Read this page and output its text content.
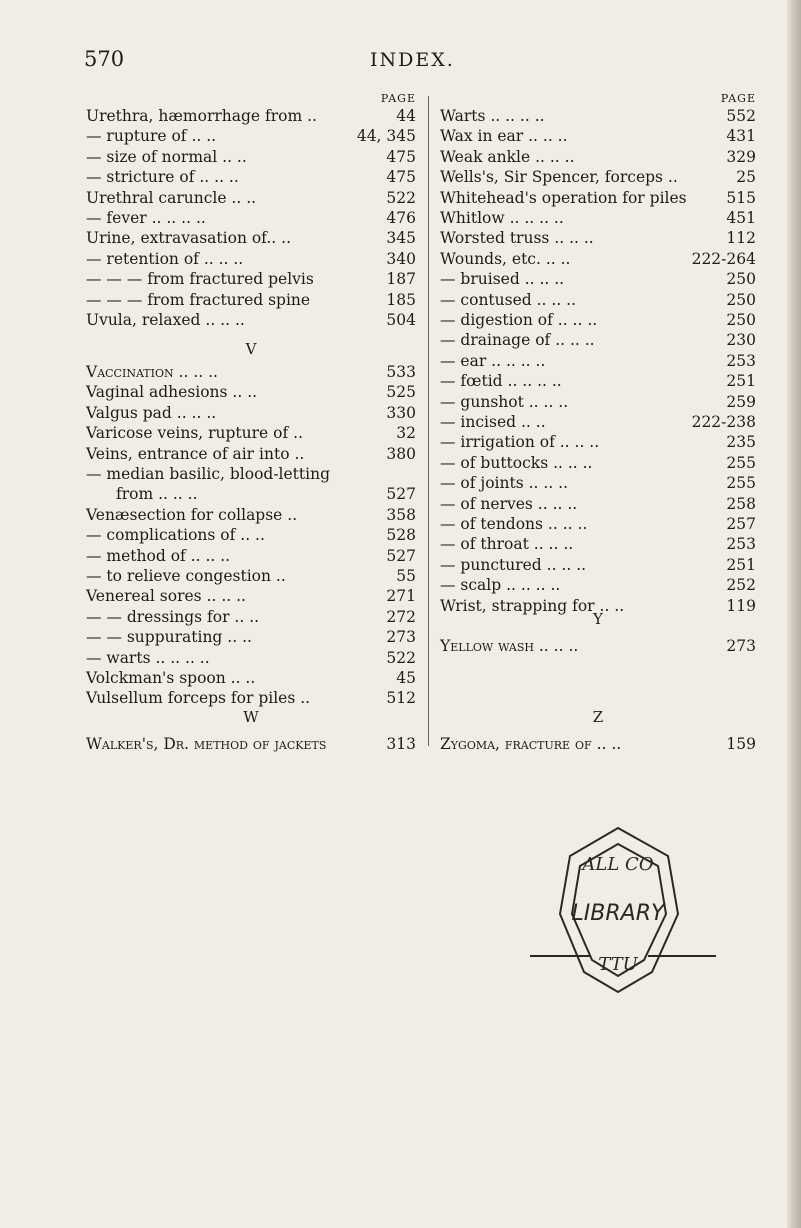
570	INDEX.
PAGE
Urethra, hæmorrhage from ..	44
— rupture of .. ..	44, 345
— size of normal .. ..	475
— stricture of .. .. ..	475
Urethral caruncle .. ..	522
— fever .. .. .. ..	476
Urine, extravasation of.. ..	345
— retention of .. .. ..	340
— — — from fractured pelvis	187
— — — from fractured spine	185
Uvula, relaxed .. .. ..	504
V
Vaccination .. .. ..	533
Vaginal adhesions .. ..	525
Valgus pad .. .. ..	330
Varicose veins, rupture of ..	32
Veins, entrance of air into ..	380
— median basilic, blood-letting
from .. .. ..	527
Venæsection for collapse ..	358
— complications of .. ..	528
— method of .. .. ..	527
— to relieve congestion ..	55
Venereal sores .. .. ..	271
— — dressings for .. ..	272
— — suppurating .. ..	273
— warts .. .. .. ..	522
Volckman's spoon .. ..	45
Vulsellum forceps for piles ..	512
W
Walker's, Dr. method of jackets	313
PAGE
Warts .. .. .. ..	552
Wax in ear .. .. ..	431
Weak ankle .. .. ..	329
Wells's, Sir Spencer, forceps ..	25
Whitehead's operation for piles	515
Whitlow .. .. .. ..	451
Worsted truss .. .. ..	112
Wounds, etc. .. ..	222-264
— bruised .. .. ..	250
— contused .. .. ..	250
— digestion of .. .. ..	250
— drainage of .. .. ..	230
— ear .. .. .. ..	253
— fœtid .. .. .. ..	251
— gunshot .. .. ..	259
— incised .. ..	222-238
— irrigation of .. .. ..	235
— of buttocks .. .. ..	255
— of joints .. .. ..	255
— of nerves .. .. ..	258
— of tendons .. .. ..	257
— of throat .. .. ..	253
— punctured .. .. ..	251
— scalp .. .. .. ..	252
Wrist, strapping for .. ..	119
Y
Yellow wash .. .. ..	273
Z
Zygoma, fracture of .. ..	159
ALL CO
LIBRARY
TTU
